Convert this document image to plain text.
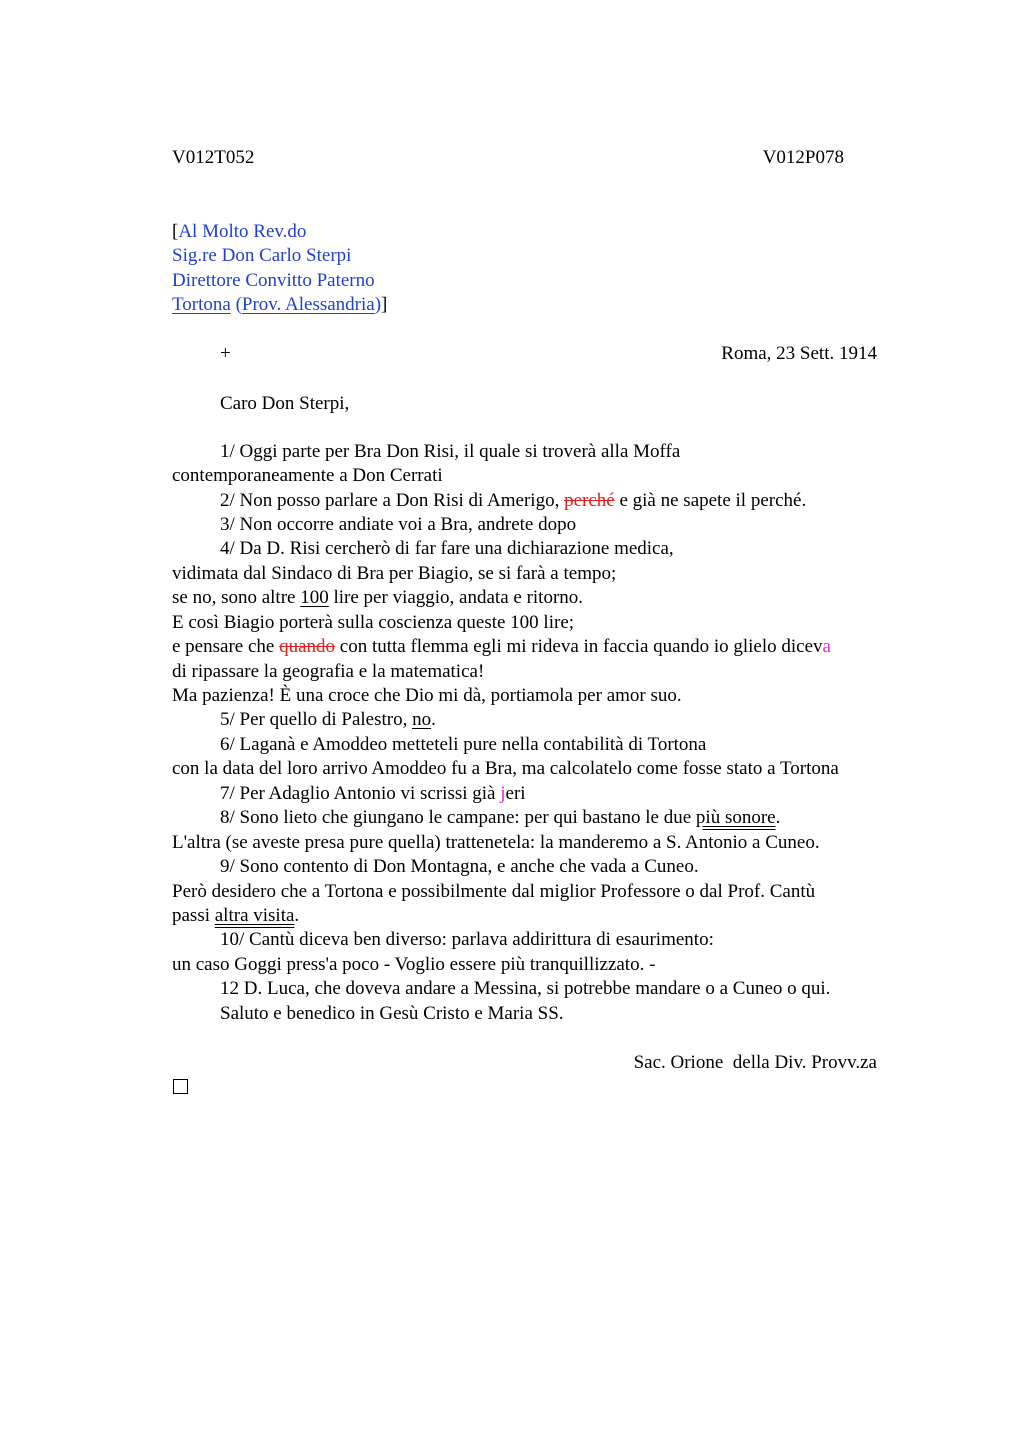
V012T052	V012P078
[Al Molto Rev.do
Sig.re Don Carlo Sterpi
Direttore Convitto Paterno
Tortona (Prov. Alessandria)]
+	Roma, 23 Sett. 1914
Caro Don Sterpi,
1/ Oggi parte per Bra Don Risi, il quale si troverà alla Moffa
contemporaneamente a Don Cerrati
2/ Non posso parlare a Don Risi di Amerigo, perché e già ne sapete il perché.
3/ Non occorre andiate voi a Bra, andrete dopo
4/ Da D. Risi cercherò di far fare una dichiarazione medica,
vidimata dal Sindaco di Bra per Biagio, se si farà a tempo;
se no, sono altre 100 lire per viaggio, andata e ritorno.
E così Biagio porterà sulla coscienza queste 100 lire;
e pensare che quando con tutta flemma egli mi rideva in faccia quando io glielo diceva
di ripassare la geografia e la matematica!
Ma pazienza! È una croce che Dio mi dà, portiamola per amor suo.
5/ Per quello di Palestro, no.
6/ Laganà e Amoddeo metteteli pure nella contabilità di Tortona
con la data del loro arrivo Amoddeo fu a Bra, ma calcolatelo come fosse stato a Tortona
7/ Per Adaglio Antonio vi scrissi già jeri
8/ Sono lieto che giungano le campane: per qui bastano le due più sonore.
L'altra (se aveste presa pure quella) trattenetela: la manderemo a S. Antonio a Cuneo.
9/ Sono contento di Don Montagna, e anche che vada a Cuneo.
Però desidero che a Tortona e possibilmente dal miglior Professore o dal Prof. Cantù
passi altra visita.
10/ Cantù diceva ben diverso: parlava addirittura di esaurimento:
un caso Goggi press'a poco - Voglio essere più tranquillizzato. -
12 D. Luca, che doveva andare a Messina, si potrebbe mandare o a Cuneo o qui.
Saluto e benedico in Gesù Cristo e Maria SS.
Sac. Orione  della Div. Provv.za
